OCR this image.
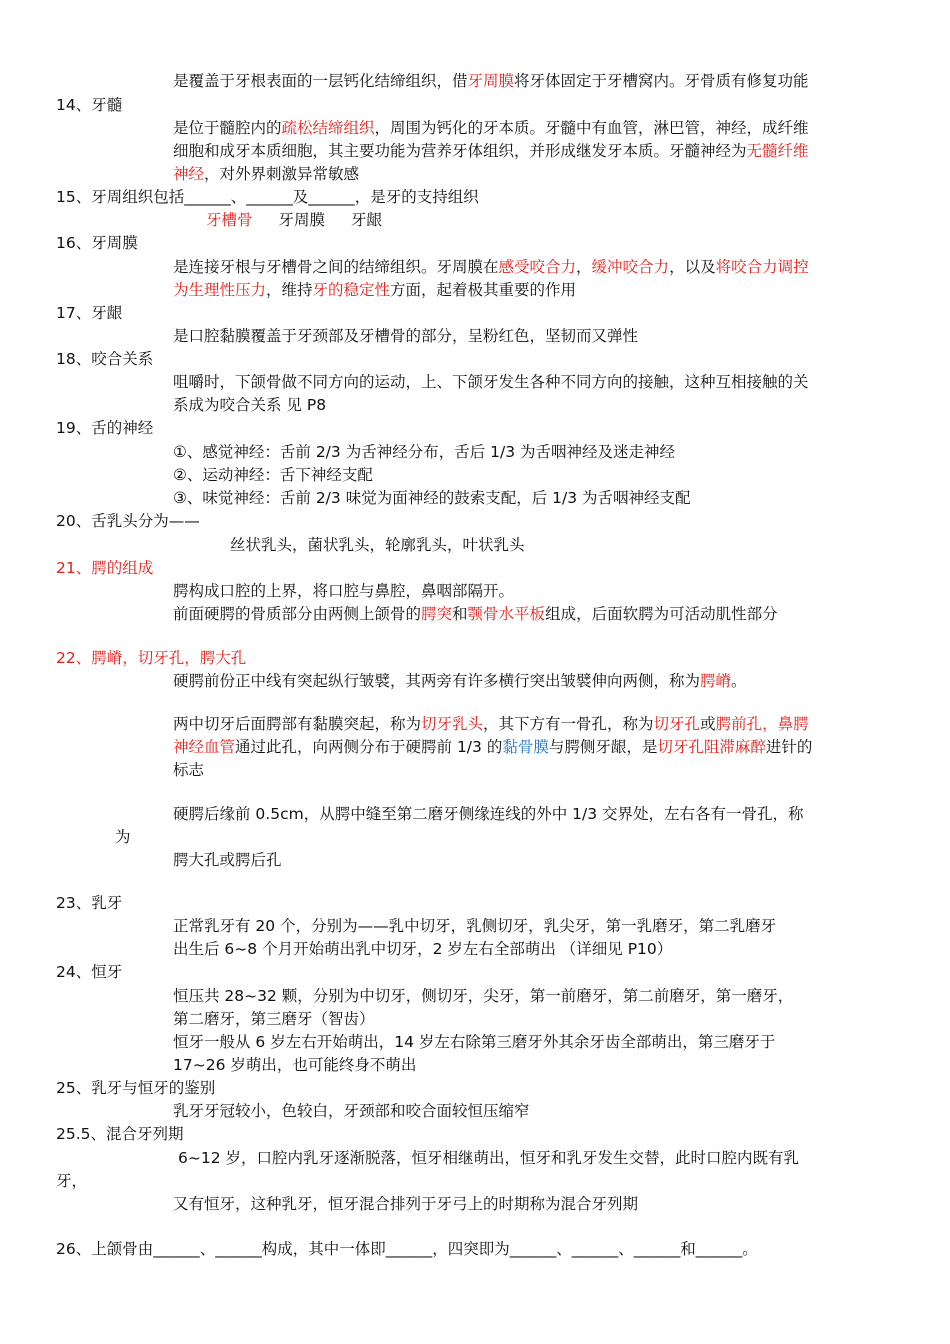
是覆盖于牙根表面的一层钙化结缔组织，借牙周膜将牙体固定于牙槽窝内。牙骨质有修复功能
14、牙髓
是位于髓腔内的疏松结缔组织，周围为钙化的牙本质。牙髓中有血管，淋巴管，神经，成纤维
细胞和成牙本质细胞，其主要功能为营养牙体组织，并形成继发牙本质。牙髓神经为无髓纤维
神经，对外界刺激异常敏感
15、牙周组织包括______、______及______，是牙的支持组织
牙槽骨 牙周膜 牙龈
16、牙周膜
是连接牙根与牙槽骨之间的结缔组织。牙周膜在感受咬合力，缓冲咬合力，以及将咬合力调控
为生理性压力，维持牙的稳定性方面，起着极其重要的作用
17、牙龈
是口腔黏膜覆盖于牙颈部及牙槽骨的部分，呈粉红色，坚韧而又弹性
18、咬合关系
咀嚼时，下颌骨做不同方向的运动，上、下颌牙发生各种不同方向的接触，这种互相接触的关
系成为咬合关系 见 P8
19、舌的神经
①、感觉神经：舌前 2/3 为舌神经分布，舌后 1/3 为舌咽神经及迷走神经
②、运动神经：舌下神经支配
③、味觉神经：舌前 2/3 味觉为面神经的鼓索支配，后 1/3 为舌咽神经支配
20、舌乳头分为——
丝状乳头，菌状乳头，轮廓乳头，叶状乳头
21、腭的组成
腭构成口腔的上界，将口腔与鼻腔，鼻咽部隔开。
前面硬腭的骨质部分由两侧上颌骨的腭突和颚骨水平板组成，后面软腭为可活动肌性部分
22、腭嵴，切牙孔，腭大孔
硬腭前份正中线有突起纵行皱襞，其两旁有许多横行突出皱襞伸向两侧，称为腭嵴。
两中切牙后面腭部有黏膜突起，称为切牙乳头，其下方有一骨孔，称为切牙孔或腭前孔，鼻腭
神经血管通过此孔，向两侧分布于硬腭前 1/3 的黏骨膜与腭侧牙龈，是切牙孔阻滞麻醉进针的
标志
硬腭后缘前 0.5cm，从腭中缝至第二磨牙侧缘连线的外中 1/3 交界处，左右各有一骨孔，称
为
腭大孔或腭后孔
23、乳牙
正常乳牙有 20 个，分别为——乳中切牙，乳侧切牙，乳尖牙，第一乳磨牙，第二乳磨牙
出生后 6~8 个月开始萌出乳中切牙，2 岁左右全部萌出 （详细见 P10）
24、恒牙
恒压共 28~32 颗，分别为中切牙，侧切牙，尖牙，第一前磨牙，第二前磨牙，第一磨牙，
第二磨牙，第三磨牙（智齿）
恒牙一般从 6 岁左右开始萌出，14 岁左右除第三磨牙外其余牙齿全部萌出，第三磨牙于
17~26 岁萌出，也可能终身不萌出
25、乳牙与恒牙的鉴别
乳牙牙冠较小，色较白，牙颈部和咬合面较恒压缩窄
25.5、混合牙列期
6~12 岁，口腔内乳牙逐渐脱落，恒牙相继萌出，恒牙和乳牙发生交替，此时口腔内既有乳
牙，
又有恒牙，这种乳牙，恒牙混合排列于牙弓上的时期称为混合牙列期
26、上颌骨由______、______构成，其中一体即______，四突即为______、______、______和______。
